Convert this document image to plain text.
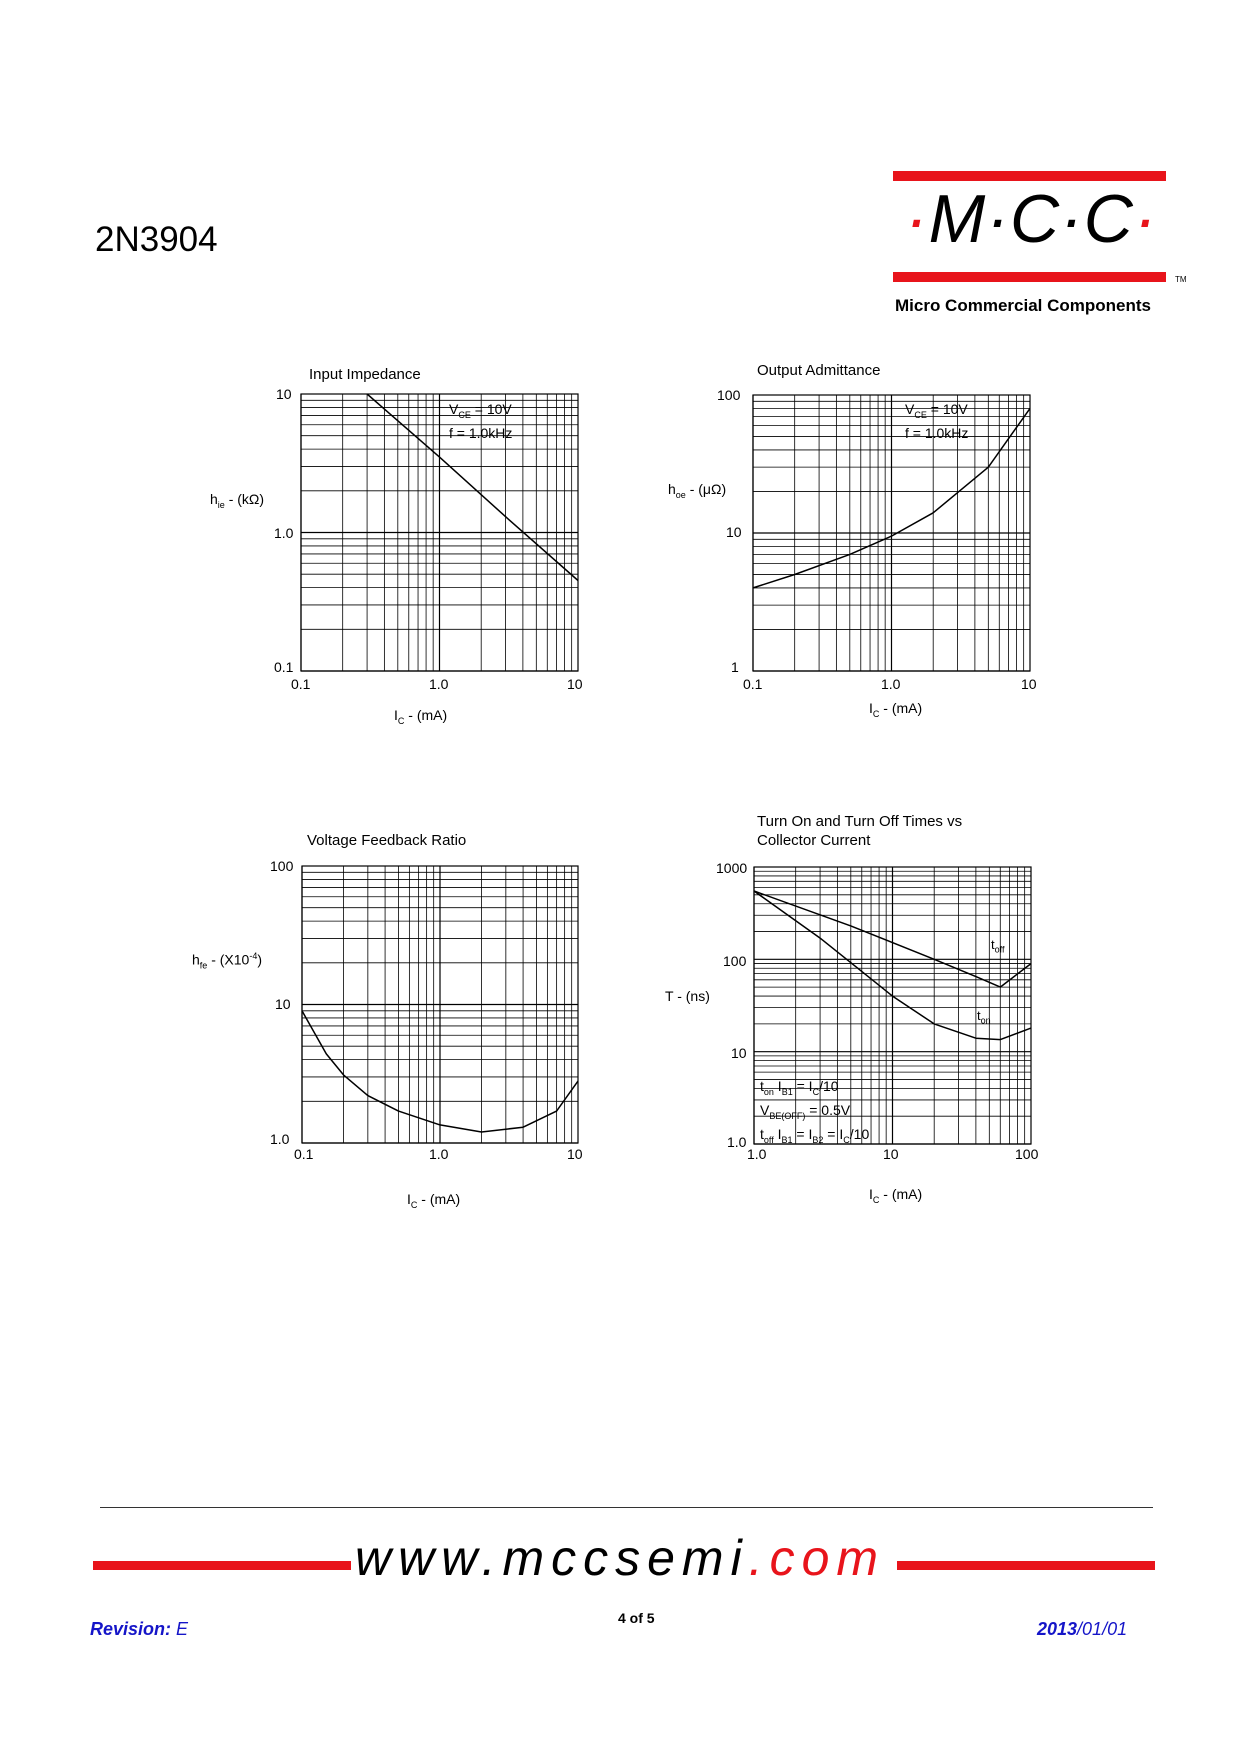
2N3904	·M·C·C·
TM
Micro Commercial Components
Input Impedance
10
1.0
0.1
0.1	1.0	10
$h_{ie} - (k\Omega)$
$I_C - (mA)$
$V_{CE} = 10V$
f = 1.0kHz
Output Admittance
100
10
1
0.1	1.0	10
$h_{oe} - (\mu\Omega)$
$I_C - (mA)$
$V_{CE} = 10V$
f = 1.0kHz
Voltage Feedback Ratio
100
10
1.0
0.1	1.0	10
$h_{fe} - (X10^{-4})$
$I_C - (mA)$
Turn On and Turn Off Times vs
Collector Current
1000
100
10
1.0
1.0	10	100
T - (ns)
$I_C - (mA)$
$t_{off}$
$t_{on}$
$t_{on}$ $I_{B1} = I_C/10$
$V_{BE(OFF)} = 0.5V$
$t_{off}$ $I_{B1} = I_{B2} = I_C/10$
www.mccsemi.com
Revision: E
4 of 5
2013/01/01
